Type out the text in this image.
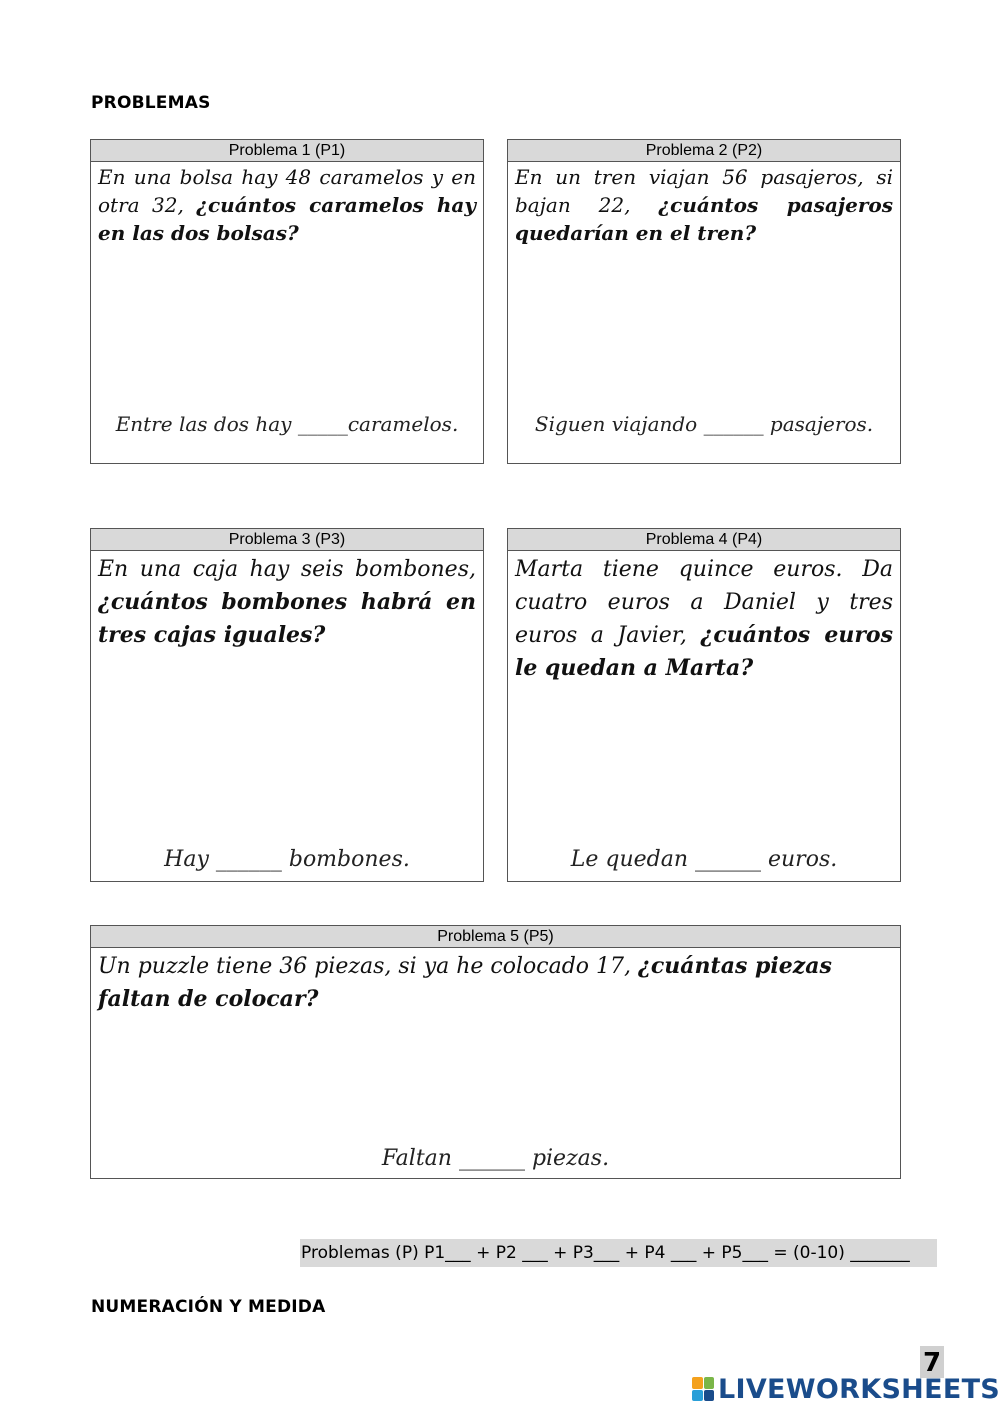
PROBLEMAS
Problema 1 (P1)
En una bolsa hay 48 caramelos y en otra 32, ¿cuántos caramelos hay en las dos bolsas?
Entre las dos hay _____caramelos.
Problema 2 (P2)
En un tren viajan 56 pasajeros, si bajan 22, ¿cuántos pasajeros quedarían en el tren?
Siguen viajando ______ pasajeros.
Problema 3 (P3)
En una caja hay seis bombones, ¿cuántos bombones habrá en tres cajas iguales?
Hay ______ bombones.
Problema 4 (P4)
Marta tiene quince euros. Da cuatro euros a Daniel y tres euros a Javier, ¿cuántos euros le quedan a Marta?
Le quedan ______ euros.
Problema 5 (P5)
Un puzzle tiene 36 piezas, si ya he colocado 17, ¿cuántas piezas faltan de colocar?
Faltan ______ piezas.
Problemas (P) P1___ + P2 ___ + P3___ + P4 ___ + P5___ = (0-10) _______
NUMERACIÓN Y MEDIDA
7
LIVEWORKSHEETS
